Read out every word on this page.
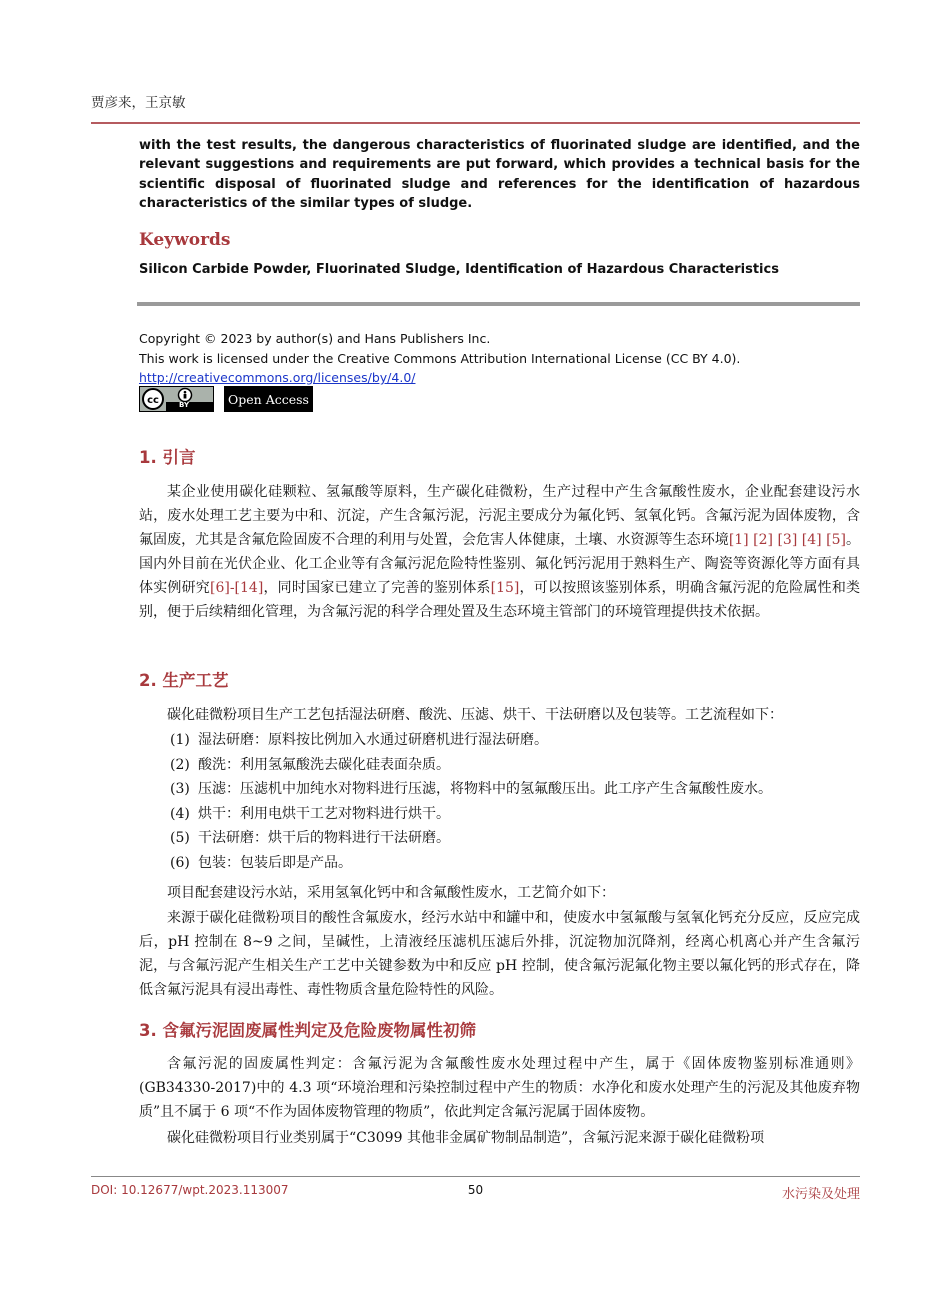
贾彦来，王京敏

with the test results, the dangerous characteristics of fluorinated sludge are identified, and the relevant suggestions and requirements are put forward, which provides a technical basis for the scientific disposal of fluorinated sludge and references for the identification of hazardous characteristics of the similar types of sludge.

Keywords

Silicon Carbide Powder, Fluorinated Sludge, Identification of Hazardous Characteristics

Copyright © 2023 by author(s) and Hans Publishers Inc.
This work is licensed under the Creative Commons Attribution International License (CC BY 4.0).
http://creativecommons.org/licenses/by/4.0/
cc	BY	Open Access
1. 引言

某企业使用碳化硅颗粒、氢氟酸等原料，生产碳化硅微粉，生产过程中产生含氟酸性废水，企业配套建设污水站，废水处理工艺主要为中和、沉淀，产生含氟污泥，污泥主要成分为氟化钙、氢氧化钙。含氟污泥为固体废物，含氟固废，尤其是含氟危险固废不合理的利用与处置，会危害人体健康，土壤、水资源等生态环境[1] [2] [3] [4] [5]。国内外目前在光伏企业、化工企业等有含氟污泥危险特性鉴别、氟化钙污泥用于熟料生产、陶瓷等资源化等方面有具体实例研究[6]-[14]，同时国家已建立了完善的鉴别体系[15]，可以按照该鉴别体系，明确含氟污泥的危险属性和类别，便于后续精细化管理，为含氟污泥的科学合理处置及生态环境主管部门的环境管理提供技术依据。

2. 生产工艺

碳化硅微粉项目生产工艺包括湿法研磨、酸洗、压滤、烘干、干法研磨以及包装等。工艺流程如下：

(1) 湿法研磨：原料按比例加入水通过研磨机进行湿法研磨。
(2) 酸洗：利用氢氟酸洗去碳化硅表面杂质。
(3) 压滤：压滤机中加纯水对物料进行压滤，将物料中的氢氟酸压出。此工序产生含氟酸性废水。
(4) 烘干：利用电烘干工艺对物料进行烘干。
(5) 干法研磨：烘干后的物料进行干法研磨。
(6) 包装：包装后即是产品。

项目配套建设污水站，采用氢氧化钙中和含氟酸性废水，工艺简介如下：

来源于碳化硅微粉项目的酸性含氟废水，经污水站中和罐中和，使废水中氢氟酸与氢氧化钙充分反应，反应完成后，pH 控制在 8~9 之间，呈碱性，上清液经压滤机压滤后外排，沉淀物加沉降剂，经离心机离心并产生含氟污泥，与含氟污泥产生相关生产工艺中关键参数为中和反应 pH 控制，使含氟污泥氟化物主要以氟化钙的形式存在，降低含氟污泥具有浸出毒性、毒性物质含量危险特性的风险。

3. 含氟污泥固废属性判定及危险废物属性初筛

含氟污泥的固废属性判定：含氟污泥为含氟酸性废水处理过程中产生，属于《固体废物鉴别标准通则》(GB34330-2017)中的 4.3 项“环境治理和污染控制过程中产生的物质：水净化和废水处理产生的污泥及其他废弃物质”且不属于 6 项“不作为固体废物管理的物质”，依此判定含氟污泥属于固体废物。

碳化硅微粉项目行业类别属于“C3099 其他非金属矿物制品制造”，含氟污泥来源于碳化硅微粉项

DOI: 10.12677/wpt.2023.113007	50	水污染及处理
